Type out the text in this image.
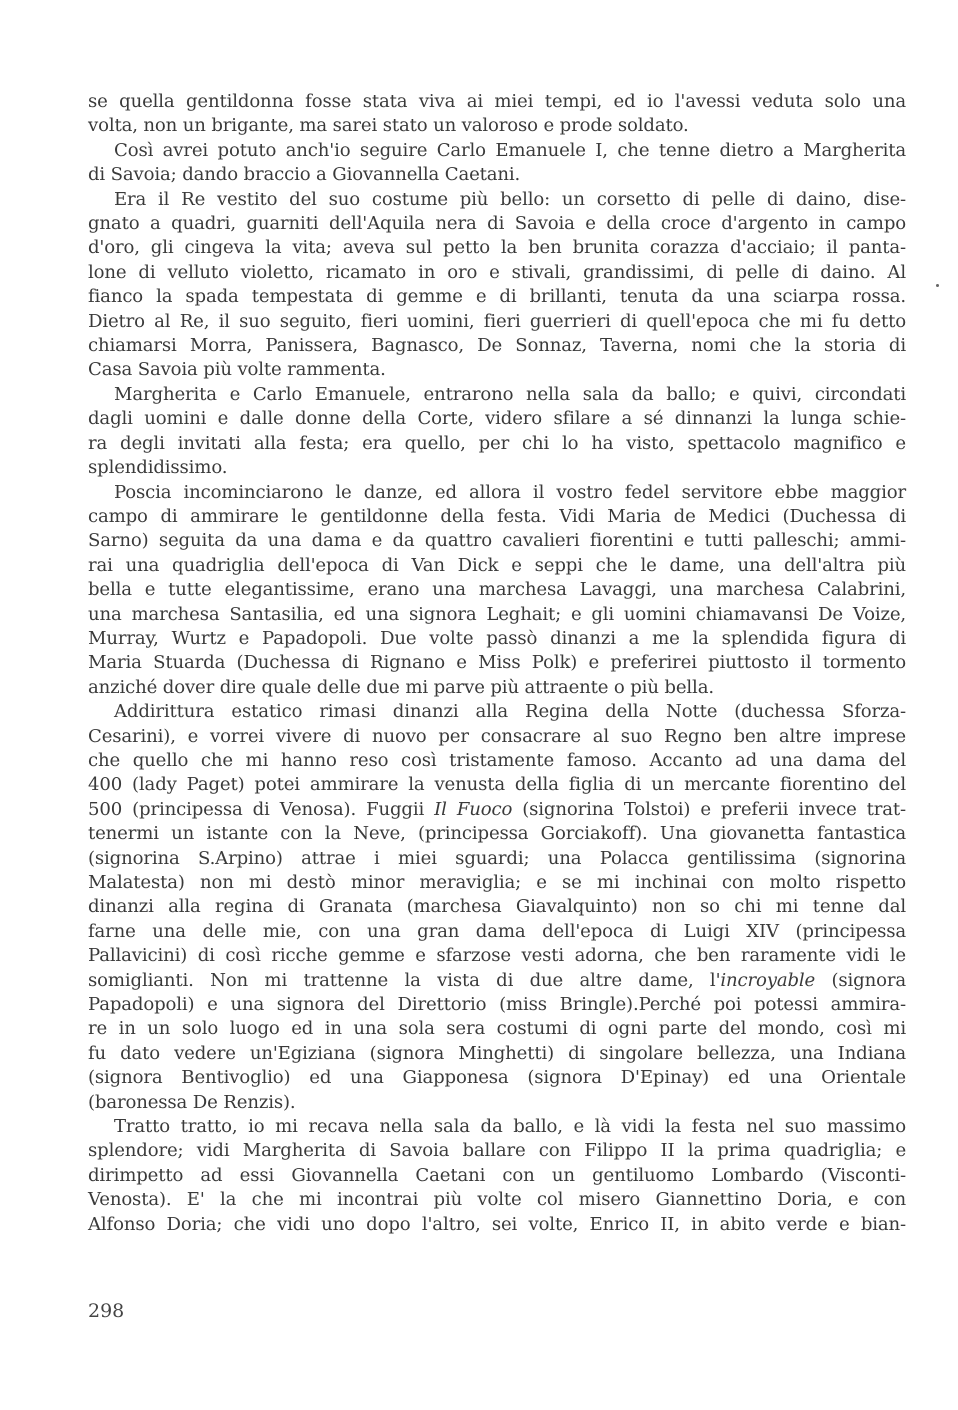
se quella gentildonna fosse stata viva ai miei tempi, ed io l'avessi veduta solo una
volta, non un brigante, ma sarei stato un valoroso e prode soldato.
Così avrei potuto anch'io seguire Carlo Emanuele I, che tenne dietro a Margherita
di Savoia; dando braccio a Giovannella Caetani.
Era il Re vestito del suo costume più bello: un corsetto di pelle di daino, dise-
gnato a quadri, guarniti dell'Aquila nera di Savoia e della croce d'argento in campo
d'oro, gli cingeva la vita; aveva sul petto la ben brunita corazza d'acciaio; il panta-
lone di velluto violetto, ricamato in oro e stivali, grandissimi, di pelle di daino. Al
fianco la spada tempestata di gemme e di brillanti, tenuta da una sciarpa rossa.
Dietro al Re, il suo seguito, fieri uomini, fieri guerrieri di quell'epoca che mi fu detto
chiamarsi Morra, Panissera, Bagnasco, De Sonnaz, Taverna, nomi che la storia di
Casa Savoia più volte rammenta.
Margherita e Carlo Emanuele, entrarono nella sala da ballo; e quivi, circondati
dagli uomini e dalle donne della Corte, videro sfilare a sé dinnanzi la lunga schie-
ra degli invitati alla festa; era quello, per chi lo ha visto, spettacolo magnifico e
splendidissimo.
Poscia incominciarono le danze, ed allora il vostro fedel servitore ebbe maggior
campo di ammirare le gentildonne della festa. Vidi Maria de Medici (Duchessa di
Sarno) seguita da una dama e da quattro cavalieri fiorentini e tutti palleschi; ammi-
rai una quadriglia dell'epoca di Van Dick e seppi che le dame, una dell'altra più
bella e tutte elegantissime, erano una marchesa Lavaggi, una marchesa Calabrini,
una marchesa Santasilia, ed una signora Leghait; e gli uomini chiamavansi De Voize,
Murray, Wurtz e Papadopoli. Due volte passò dinanzi a me la splendida figura di
Maria Stuarda (Duchessa di Rignano e Miss Polk) e preferirei piuttosto il tormento
anziché dover dire quale delle due mi parve più attraente o più bella.
Addirittura estatico rimasi dinanzi alla Regina della Notte (duchessa Sforza-
Cesarini), e vorrei vivere di nuovo per consacrare al suo Regno ben altre imprese
che quello che mi hanno reso così tristamente famoso. Accanto ad una dama del
400 (lady Paget) potei ammirare la venusta della figlia di un mercante fiorentino del
500 (principessa di Venosa). Fuggii Il Fuoco (signorina Tolstoi) e preferii invece trat-
tenermi un istante con la Neve, (principessa Gorciakoff). Una giovanetta fantastica
(signorina S.Arpino) attrae i miei sguardi; una Polacca gentilissima (signorina
Malatesta) non mi destò minor meraviglia; e se mi inchinai con molto rispetto
dinanzi alla regina di Granata (marchesa Giavalquinto) non so chi mi tenne dal
farne una delle mie, con una gran dama dell'epoca di Luigi XIV (principessa
Pallavicini) di così ricche gemme e sfarzose vesti adorna, che ben raramente vidi le
somiglianti. Non mi trattenne la vista di due altre dame, l'incroyable (signora
Papadopoli) e una signora del Direttorio (miss Bringle).Perché poi potessi ammira-
re in un solo luogo ed in una sola sera costumi di ogni parte del mondo, così mi
fu dato vedere un'Egiziana (signora Minghetti) di singolare bellezza, una Indiana
(signora Bentivoglio) ed una Giapponesa (signora D'Epinay) ed una Orientale
(baronessa De Renzis).
Tratto tratto, io mi recava nella sala da ballo, e là vidi la festa nel suo massimo
splendore; vidi Margherita di Savoia ballare con Filippo II la prima quadriglia; e
dirimpetto ad essi Giovannella Caetani con un gentiluomo Lombardo (Visconti-
Venosta). E' la che mi incontrai più volte col misero Giannettino Doria, e con
Alfonso Doria; che vidi uno dopo l'altro, sei volte, Enrico II, in abito verde e bian-
298
